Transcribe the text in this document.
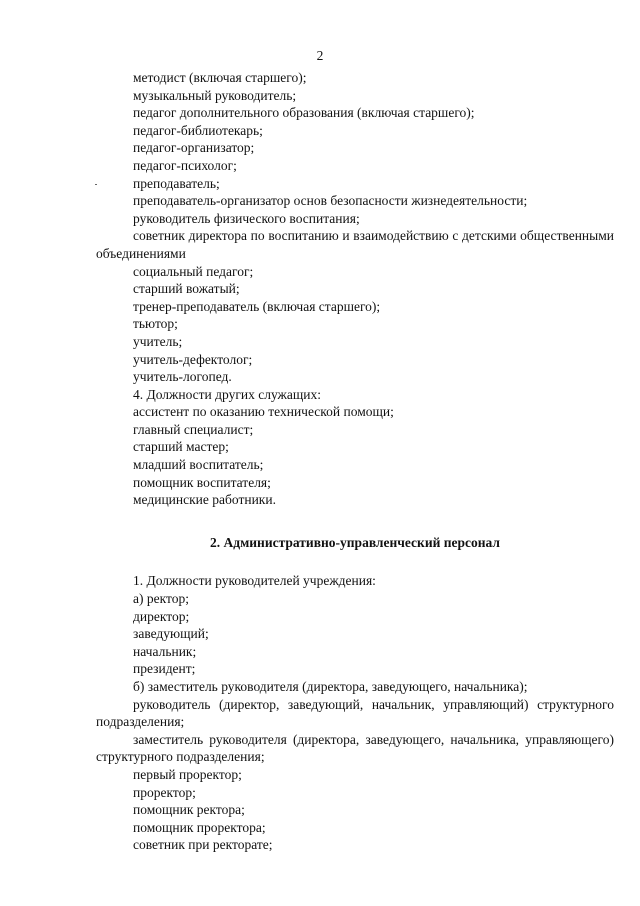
2

методист (включая старшего);

музыкальный руководитель;

педагог дополнительного образования (включая старшего);

педагог-библиотекарь;

педагог-организатор;

педагог-психолог;

преподаватель;

преподаватель-организатор основ безопасности жизнедеятельности;

руководитель физического воспитания;

советник директора по воспитанию и взаимодействию с детскими общественными объединениями

социальный педагог;

старший вожатый;

тренер-преподаватель (включая старшего);

тьютор;

учитель;

учитель-дефектолог;

учитель-логопед.

4. Должности других служащих:

ассистент по оказанию технической помощи;

главный специалист;

старший мастер;

младший воспитатель;

помощник воспитателя;

медицинские работники.

2. Административно-управленческий персонал

1. Должности руководителей учреждения:

а) ректор;

директор;

заведующий;

начальник;

президент;

б) заместитель руководителя (директора, заведующего, начальника);

руководитель (директор, заведующий, начальник, управляющий) структурного подразделения;

заместитель руководителя (директора, заведующего, начальника, управляющего) структурного подразделения;

первый проректор;

проректор;

помощник ректора;

помощник проректора;

советник при ректорате;
